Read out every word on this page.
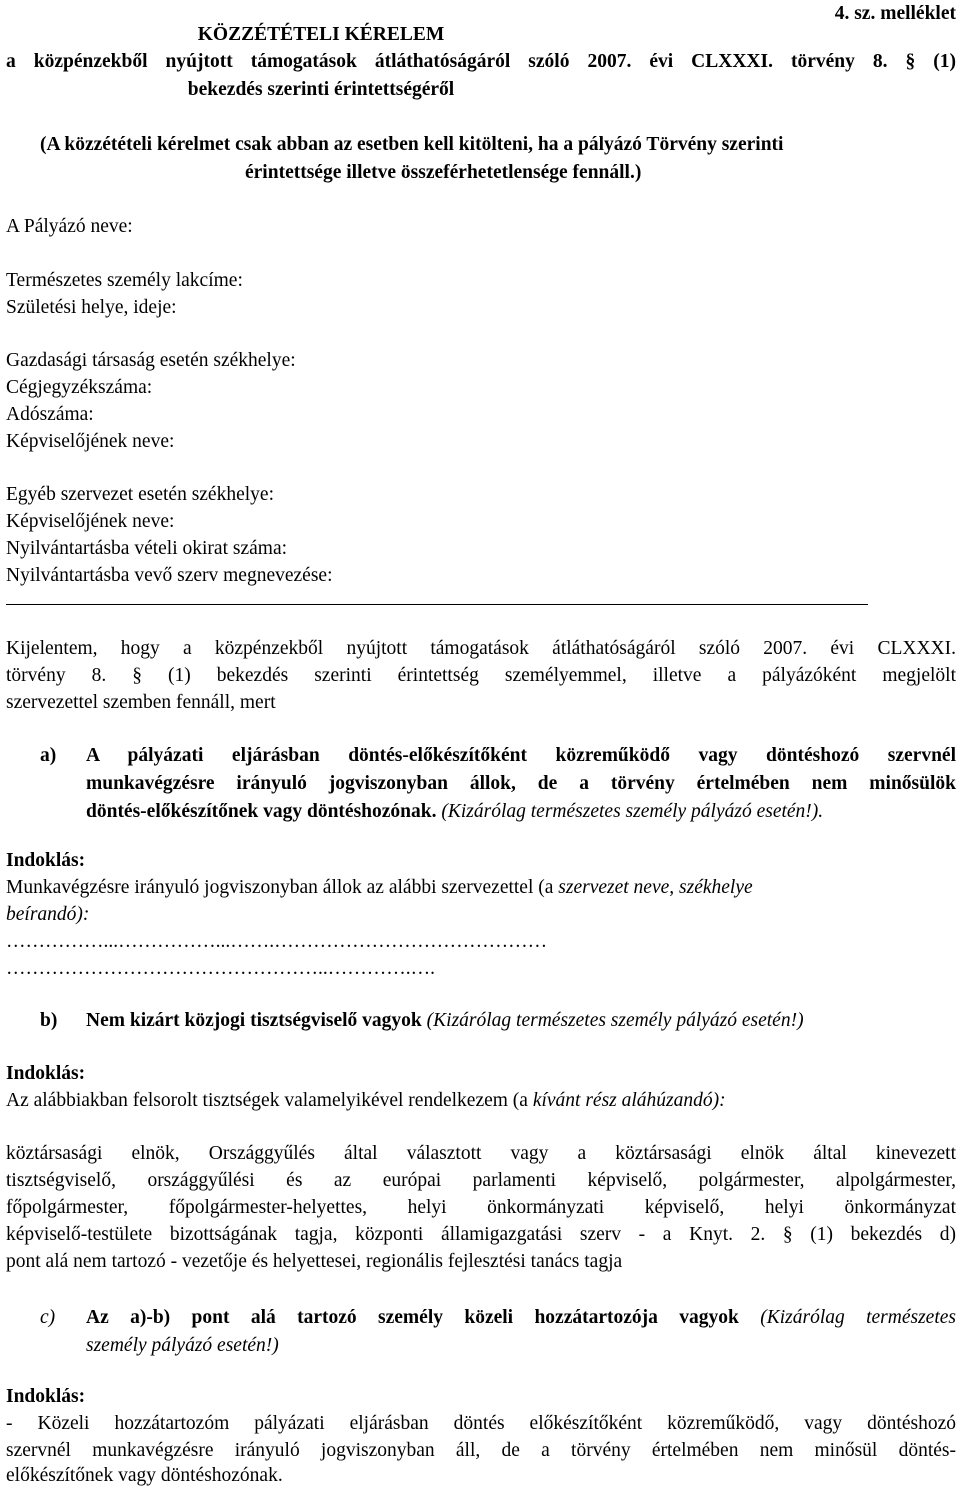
4. sz. melléklet
KÖZZÉTÉTELI KÉRELEM
a közpénzekből nyújtott támogatások átláthatóságáról szóló 2007. évi CLXXXI. törvény 8. § (1)
bekezdés szerinti érintettségéről
(A közzétételi kérelmet csak abban az esetben kell kitölteni, ha a pályázó Törvény szerinti
érintettsége illetve összeférhetetlensége fennáll.)
A Pályázó neve:
Természetes személy lakcíme:
Születési helye, ideje:
Gazdasági társaság esetén székhelye:
Cégjegyzékszáma:
Adószáma:
Képviselőjének neve:
Egyéb szervezet esetén székhelye:
Képviselőjének neve:
Nyilvántartásba vételi okirat száma:
Nyilvántartásba vevő szerv megnevezése:
Kijelentem, hogy a közpénzekből nyújtott támogatások átláthatóságáról szóló 2007. évi CLXXXI.
törvény 8. § (1) bekezdés szerinti érintettség személyemmel, illetve a pályázóként megjelölt
szervezettel szemben fennáll, mert
a) A pályázati eljárásban döntés-előkészítőként közreműködő vagy döntéshozó szervnél
munkavégzésre irányuló jogviszonyban állok, de a törvény értelmében nem minősülök
döntés-előkészítőnek vagy döntéshozónak. (Kizárólag természetes személy pályázó esetén!).
Indoklás:
Munkavégzésre irányuló jogviszonyban állok az alábbi szervezettel (a szervezet neve, székhelye
beírandó):
……………...……………...…….……………………………………
…………………………………………..………….….
b) Nem kizárt közjogi tisztségviselő vagyok (Kizárólag természetes személy pályázó esetén!)
Indoklás:
Az alábbiakban felsorolt tisztségek valamelyikével rendelkezem (a kívánt rész aláhúzandó):
köztársasági elnök, Országgyűlés által választott vagy a köztársasági elnök által kinevezett
tisztségviselő, országgyűlési és az európai parlamenti képviselő, polgármester, alpolgármester,
főpolgármester, főpolgármester-helyettes, helyi önkormányzati képviselő, helyi önkormányzat
képviselő-testülete bizottságának tagja, központi államigazgatási szerv - a Knyt. 2. § (1) bekezdés d)
pont alá nem tartozó - vezetője és helyettesei, regionális fejlesztési tanács tagja
c) Az a)-b) pont alá tartozó személy közeli hozzátartozója vagyok (Kizárólag természetes
személy pályázó esetén!)
Indoklás:
- Közeli hozzátartozóm pályázati eljárásban döntés előkészítőként közreműködő, vagy döntéshozó
szervnél munkavégzésre irányuló jogviszonyban áll, de a törvény értelmében nem minősül döntés-
előkészítőnek vagy döntéshozónak.
